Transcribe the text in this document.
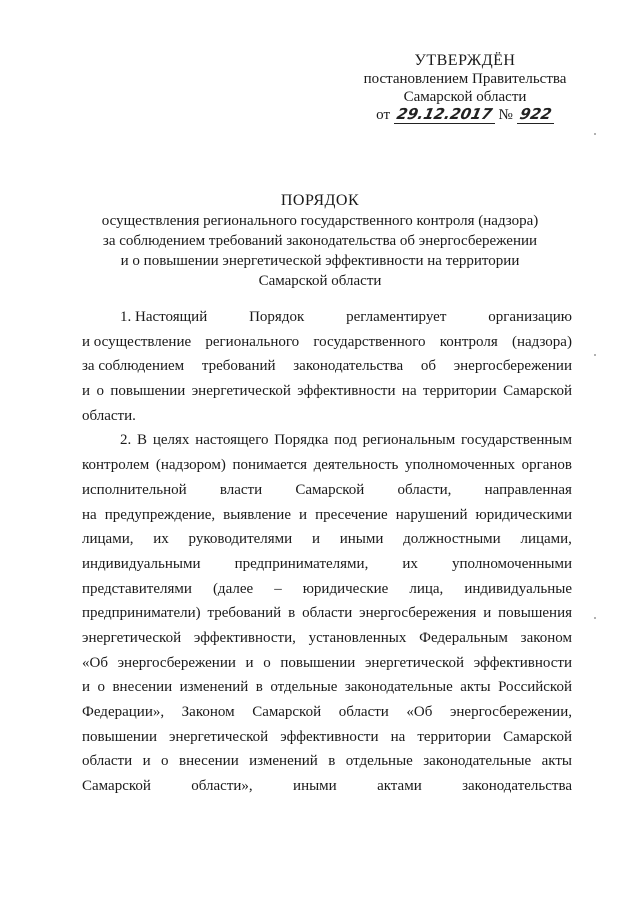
УТВЕРЖДЁН
постановлением Правительства
Самарской области
от 29.12.2017 № 922
ПОРЯДОК
осуществления регионального государственного контроля (надзора)
за соблюдением требований законодательства об энергосбережении
и о повышении энергетической эффективности на территории
Самарской области
1. Настоящий	Порядок	регламентирует	организацию
и осуществление регионального государственного контроля (надзора)
за соблюдением требований законодательства об энергосбережении
и о повышении энергетической эффективности на территории Самарской
области.
2. В целях настоящего Порядка под региональным государственным
контролем (надзором) понимается деятельность уполномоченных органов
исполнительной власти Самарской области, направленная
на предупреждение, выявление и пресечение нарушений юридическими
лицами, их руководителями и иными должностными лицами,
индивидуальными предпринимателями, их уполномоченными
представителями (далее – юридические лица, индивидуальные
предприниматели) требований в области энергосбережения и повышения
энергетической эффективности, установленных Федеральным законом
«Об энергосбережении и о повышении энергетической эффективности
и о внесении изменений в отдельные законодательные акты Российской
Федерации», Законом Самарской области «Об энергосбережении,
повышении энергетической эффективности на территории Самарской
области и о внесении изменений в отдельные законодательные акты
Самарской	области»,	иными	актами	законодательства
